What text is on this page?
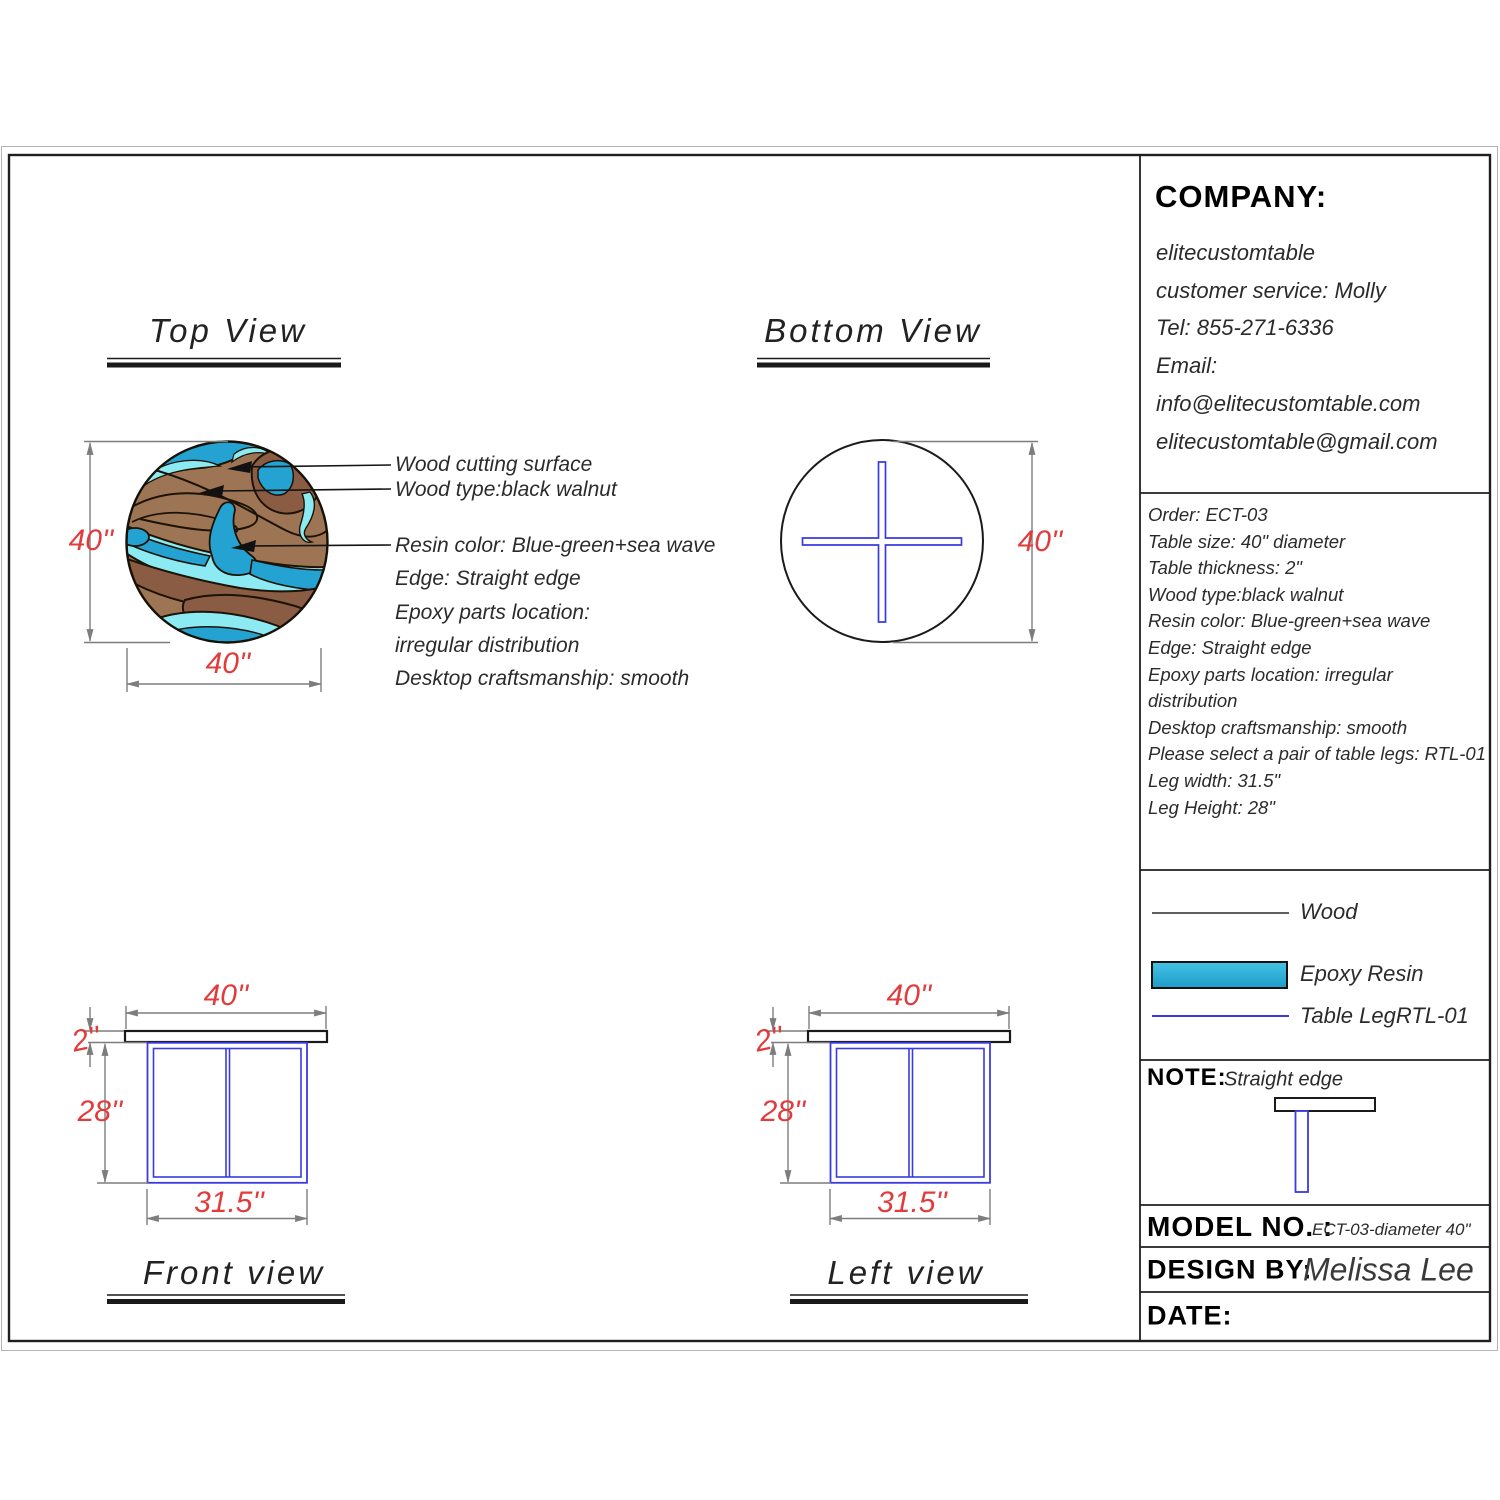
Top View	Bottom View
Front view	Left view
40''
40''
40''
40''
2''
28''
31.5''
40''
2''
28''
31.5''
Wood cutting surface
Wood type:black walnut
Resin color: Blue-green+sea wave
Edge: Straight edge
Epoxy parts location:
irregular distribution
Desktop craftsmanship: smooth
COMPANY:
elitecustomtable
customer service: Molly
Tel: 855-271-6336
Email:
info@elitecustomtable.com
elitecustomtable@gmail.com
Order: ECT-03
Table size: 40" diameter
Table thickness: 2"
Wood type:black walnut
Resin color: Blue-green+sea wave
Edge: Straight edge
Epoxy parts location: irregular
distribution
Desktop craftsmanship: smooth
Please select a pair of table legs: RTL-01
Leg width: 31.5"
Leg Height: 28"
Wood
Epoxy Resin
Table LegRTL-01
NOTE:
Straight edge
MODEL NO. :
ECT-03-diameter 40"
DESIGN BY:
Melissa Lee
DATE:
